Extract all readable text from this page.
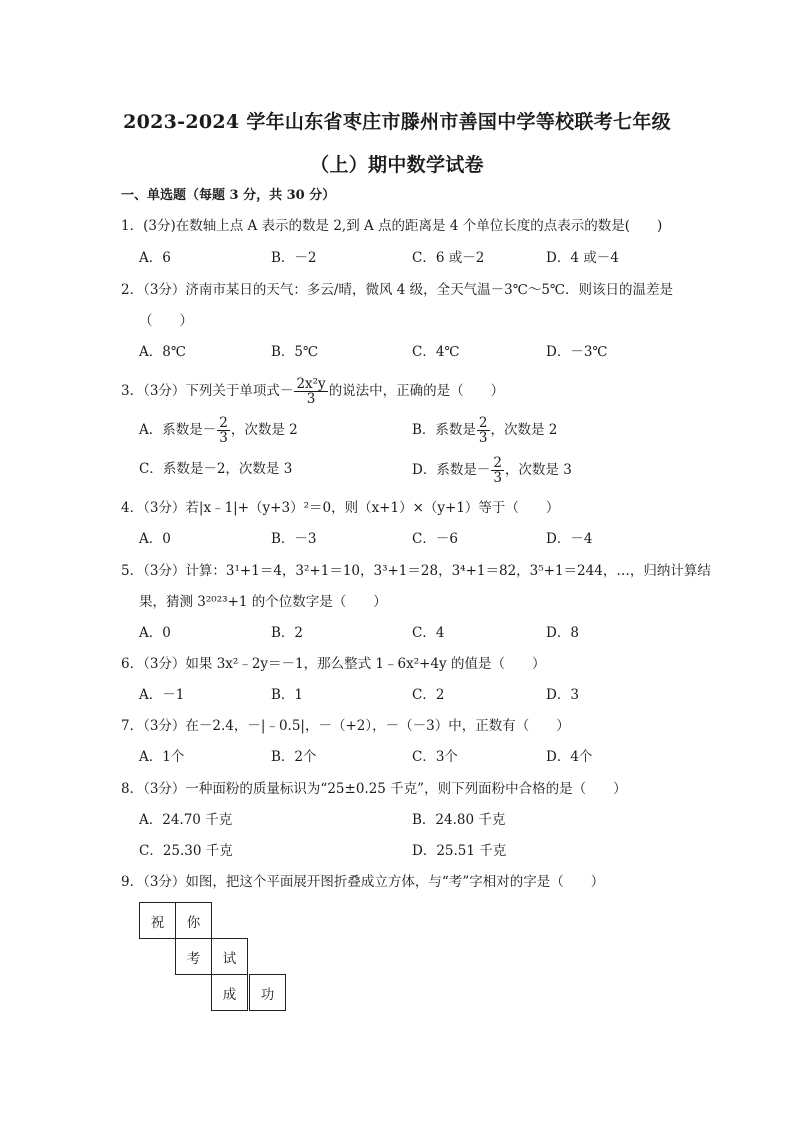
2023-2024 学年山东省枣庄市滕州市善国中学等校联考七年级
（上）期中数学试卷
一、单选题（每题 3 分，共 30 分）
1．(3分)在数轴上点 A 表示的数是 2,到 A 点的距离是 4 个单位长度的点表示的数是(　　)
A．6	B．－2	C．6 或－2	D．4 或－4
2．（3分）济南市某日的天气：多云/晴，微风 4 级，全天气温－3℃～5℃．则该日的温差是
（　　）
A．8℃	B．5℃	C．4℃	D．－3℃
3．（3分）下列关于单项式－ $\frac{\text{2x²y}}{3}$ 的说法中，正确的是（　　）
A．系数是－ $\frac{2}{3}$ ，次数是 2	B．系数是 $\frac{2}{3}$ ，次数是 2
C．系数是－2，次数是 3	D．系数是－ $\frac{2}{3}$ ，次数是 3
4．（3分）若|x﹣1|+（y+3）²＝0，则（x+1）×（y+1）等于（　　）
A．0	B．－3	C．－6	D．－4
5．（3分）计算：3¹+1＝4，3²+1＝10，3³+1＝28，3⁴+1＝82，3⁵+1＝244，…，归纳计算结
果，猜测 3²⁰²³+1 的个位数字是（　　）
A．0	B．2	C．4	D．8
6．（3分）如果 3x²﹣2y＝－1，那么整式 1﹣6x²+4y 的值是（　　）
A．－1	B．1	C．2	D．3
7．（3分）在－2.4，－|﹣0.5|，－（+2），－（－3）中，正数有（　　）
A．1个	B．2个	C．3个	D．4个
8．（3分）一种面粉的质量标识为“25±0.25 千克”，则下列面粉中合格的是（　　）
A．24.70 千克	B．24.80 千克
C．25.30 千克	D．25.51 千克
9．（3分）如图，把这个平面展开图折叠成立方体，与“考”字相对的字是（　　）
祝	你
考	试
成	功
